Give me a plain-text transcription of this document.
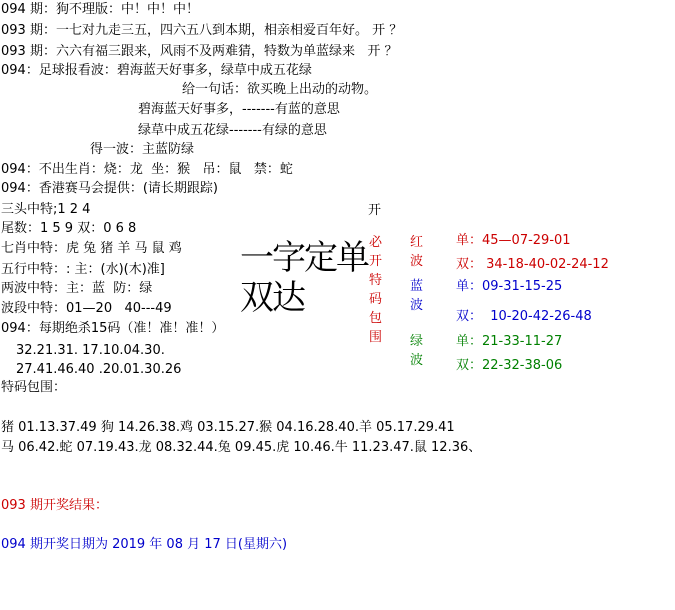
094 期：狗不理版：中！中！中！
093 期：一七对九走三五，四六五八到本期，相亲相爱百年好。 开 ？
093 期：六六有福三跟来，风雨不及两难猜，特数为单蓝绿来   开 ？
094：足球报看波：碧海蓝天好事多，绿草中成五花绿
给一句话：欲买晚上出动的动物。
碧海蓝天好事多，-------有蓝的意思
绿草中成五花绿-------有绿的意思
得一波：主蓝防绿
094：不出生肖：烧：龙  坐：猴   吊：鼠   禁：蛇
094：香港赛马会提供：(请长期跟踪)
三头中特;1 2 4
尾数：1 5 9 双：0 6 8
七肖中特：虎 兔 猪 羊 马 鼠 鸡
五行中特：: 主：(水)(木)准]
两波中特：主：蓝  防：绿
波段中特：01—20   40---49
094：每期绝杀15码（准！准！准！）
32.21.31. 17.10.04.30.
27.41.46.40 .20.01.30.26
特码包围：
猪 01.13.37.49 狗 14.26.38.鸡 03.15.27.猴 04.16.28.40.羊 05.17.29.41
马 06.42.蛇 07.19.43.龙 08.32.44.兔 09.45.虎 10.46.牛 11.23.47.鼠 12.36、
093 期开奖结果：
094 期开奖日期为 2019 年 08 月 17 日(星期六)
一字定单双达
开
必开特码包围
红波
蓝波
绿波
单：45—07-29-01
双： 34-18-40-02-24-12
单：09-31-15-25
双：  10-20-42-26-48
单：21-33-11-27
双：22-32-38-06
